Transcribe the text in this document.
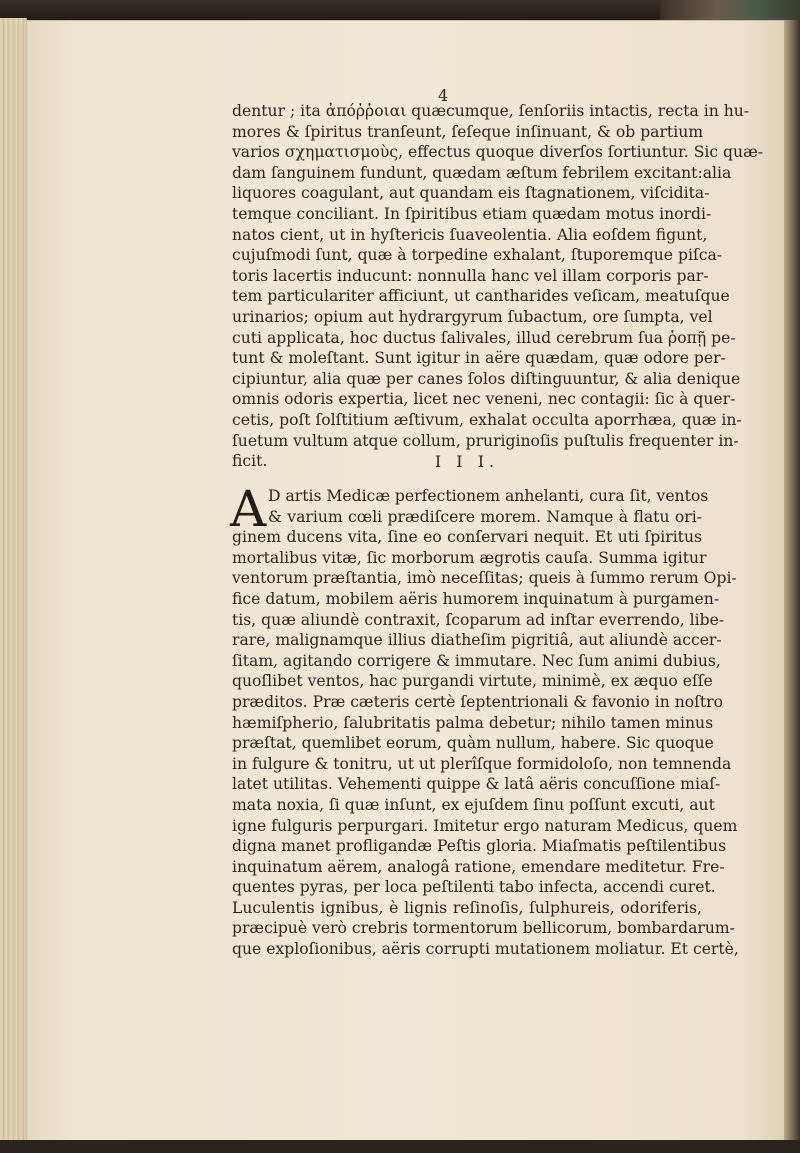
4
dentur ; ita ἀπόῤῥοιαι quæcumque, ſenſoriis intactis, recta in hu-
mores & ſpiritus tranſeunt, ſeſeque inſinuant, & ob partium
varios σχηματισμοὺς, effectus quoque diverſos ſortiuntur. Sic quæ-
dam ſanguinem fundunt, quædam æſtum febrilem excitant:alia
liquores coagulant, aut quandam eis ſtagnationem, viſcidita-
temque conciliant. In ſpiritibus etiam quædam motus inordi-
natos cient, ut in hyſtericis ſuaveolentia. Alia eoſdem figunt,
cujuſmodi ſunt, quæ à torpedine exhalant, ſtuporemque piſca-
toris lacertis inducunt: nonnulla hanc vel illam corporis par-
tem particulariter afficiunt, ut cantharides veſicam, meatuſque
urinarios; opium aut hydrargyrum ſubactum, ore ſumpta, vel
cuti applicata, hoc ductus ſalivales, illud cerebrum ſua ῥοπῇ pe-
tunt & moleſtant. Sunt igitur in aëre quædam, quæ odore per-
cipiuntur, alia quæ per canes ſolos diſtinguuntur, & alia denique
omnis odoris expertia, licet nec veneni, nec contagii: ſic à quer-
cetis, poſt ſolſtitium æſtivum, exhalat occulta aporrhæa, quæ in-
ſuetum vultum atque collum, pruriginoſis puſtulis frequenter in-
ficit.	I I I.
A D artis Medicæ perfectionem anhelanti, cura ſit, ventos
& varium cœli prædiſcere morem. Namque à flatu ori-
ginem ducens vita, ſine eo conſervari nequit. Et uti ſpiritus
mortalibus vitæ, ſic morborum ægrotis cauſa. Summa igitur
ventorum præſtantia, imò neceſſitas; queis à ſummo rerum Opi-
fice datum, mobilem aëris humorem inquinatum à purgamen-
tis, quæ aliundè contraxit, ſcoparum ad inſtar everrendo, libe-
rare, malignamque illius diatheſim pigritiâ, aut aliundè accer-
ſitam, agitando corrigere & immutare. Nec ſum animi dubius,
quoſlibet ventos, hac purgandi virtute, minimè, ex æquo eſſe
præditos. Præ cæteris certè ſeptentrionali & favonio in noſtro
hæmiſpherio, ſalubritatis palma debetur; nihilo tamen minus
præſtat, quemlibet eorum, quàm nullum, habere. Sic quoque
in fulgure & tonitru, ut ut plerîſque formidoloſo, non temnenda
latet utilitas. Vehementi quippe & latâ aëris concuſſione miaſ-
mata noxia, ſi quæ inſunt, ex ejuſdem ſinu poſſunt excuti, aut
igne fulguris perpurgari. Imitetur ergo naturam Medicus, quem
digna manet profligandæ Peſtis gloria. Miaſmatis peſtilentibus
inquinatum aërem, analogâ ratione, emendare meditetur. Fre-
quentes pyras, per loca peſtilenti tabo infecta, accendi curet.
Luculentis ignibus, è lignis reſinoſis, ſulphureis, odoriferis,
præcipuè verò crebris tormentorum bellicorum, bombardarum-
que exploſionibus, aëris corrupti mutationem moliatur. Et certè,
